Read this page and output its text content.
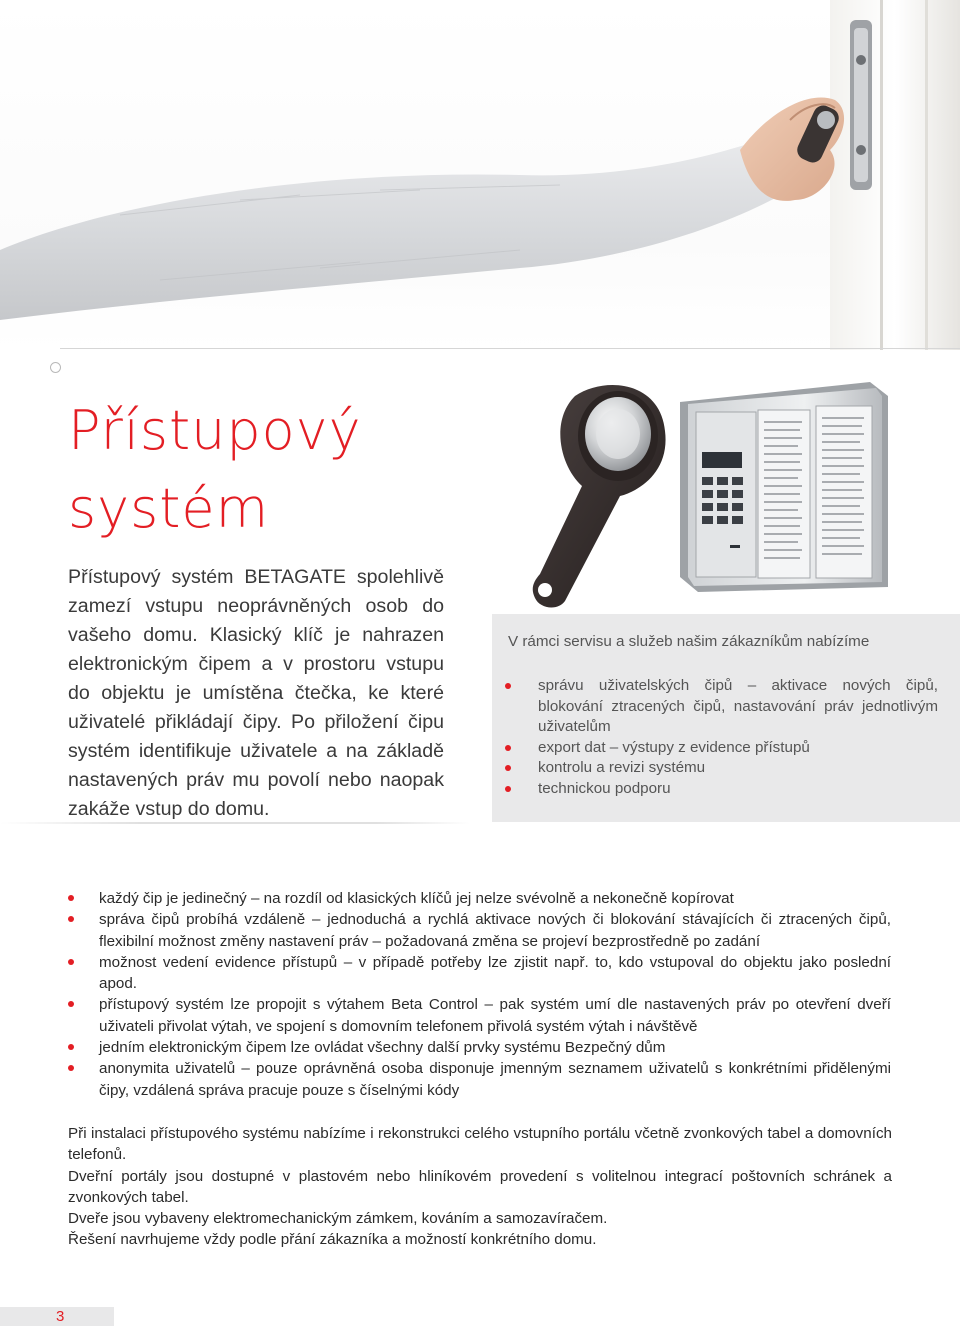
Přístupový
systém

Přístupový systém BETAGATE spolehlivě zamezí vstupu neoprávněných osob do vašeho domu. Klasický klíč je nahrazen elektronickým čipem a v prostoru vstupu do objektu je umístěna čtečka, ke které uživatelé přikládají čipy. Po přiložení čipu systém identifikuje uživatele a na základě nastavených práv mu povolí nebo naopak zakáže vstup do domu.

V rámci servisu a služeb našim zákazníkům nabízíme

správu uživatelských čipů – aktivace nových čipů, blokování ztracených čipů, nastavování práv jednotlivým uživatelům
export dat – výstupy z evidence přístupů
kontrolu a revizi systému
technickou podporu
každý čip je jedinečný – na rozdíl od klasických klíčů jej nelze svévolně a nekonečně kopírovat
správa čipů probíhá vzdáleně – jednoduchá a rychlá aktivace nových či blokování stávajících či ztracených čipů, flexibilní možnost změny nastavení práv – požadovaná změna se projeví bezprostředně po zadání
možnost vedení evidence přístupů – v případě potřeby lze zjistit např. to, kdo vstupoval do objektu jako poslední apod.
přístupový systém lze propojit s výtahem Beta Control – pak systém umí dle nastavených práv po otevření dveří uživateli přivolat výtah, ve spojení s domovním telefonem přivolá systém výtah i návštěvě
jedním elektronickým čipem lze ovládat všechny další prvky systému Bezpečný dům
anonymita uživatelů – pouze oprávněná osoba disponuje jmenným seznamem uživatelů s konkrétními přidělenými čipy, vzdálená správa pracuje pouze s číselnými kódy

Při instalaci přístupového systému nabízíme i rekonstrukci celého vstupního portálu včetně zvonkových tabel a domovních telefonů.

Dveřní portály jsou dostupné v plastovém nebo hliníkovém provedení s volitelnou integrací poštovních schránek a zvonkových tabel.

Dveře jsou vybaveny elektromechanickým zámkem, kováním a samozavíračem.

Řešení navrhujeme vždy podle přání zákazníka a možností konkrétního domu.

3
